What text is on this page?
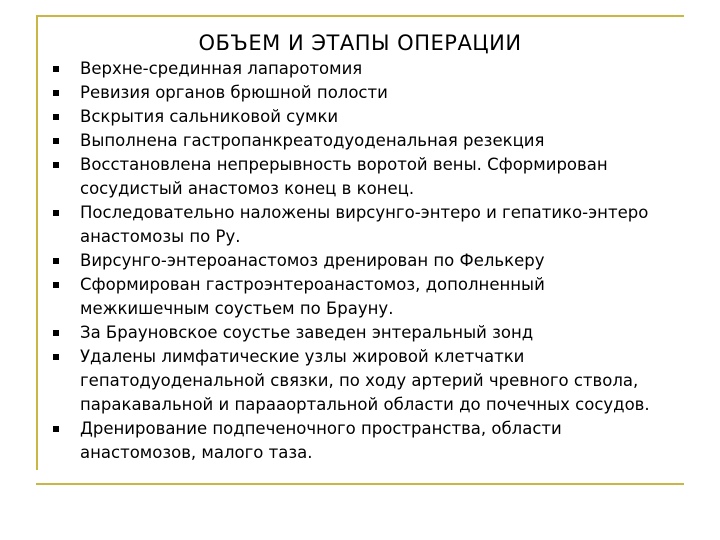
ОБЪЕМ И ЭТАПЫ ОПЕРАЦИИ
Верхне-срединная лапаротомия
Ревизия органов брюшной полости
Вскрытия сальниковой сумки
Выполнена гастропанкреатодуоденальная резекция
Восстановлена непрерывность воротой вены. Сформирован
сосудистый анастомоз конец в конец.
Последовательно наложены вирсунго-энтеро и гепатико-энтеро
анастомозы по Ру.
Вирсунго-энтероанастомоз дренирован по Фелькеру
Сформирован гастроэнтероанастомоз, дополненный
межкишечным соустьем по Брауну.
За Брауновское соустье заведен энтеральный зонд
Удалены лимфатические узлы жировой клетчатки
гепатодуоденальной связки, по ходу артерий чревного ствола,
паракавальной и парааортальной области до почечных сосудов.
Дренирование подпеченочного пространства, области
анастомозов, малого таза.
